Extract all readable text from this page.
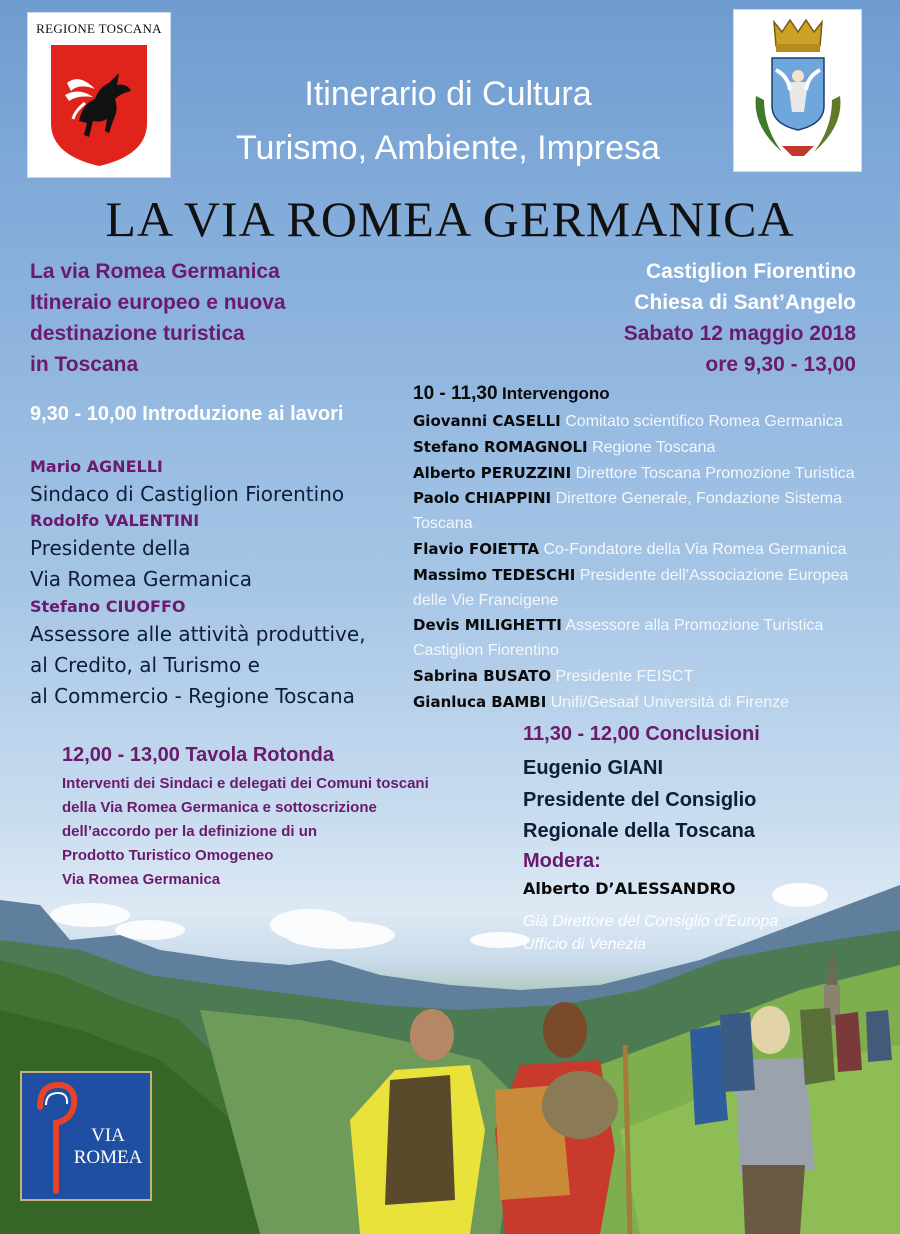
REGIONE TOSCANA
Itinerario di Cultura
Turismo, Ambiente, Impresa
LA VIA ROMEA GERMANICA
La via Romea Germanica
Itineraio europeo e nuova
destinazione turistica
in Toscana
Castiglion Fiorentino
Chiesa di Sant’Angelo
Sabato 12 maggio 2018
ore 9,30 - 13,00
9,30 - 10,00 Introduzione ai lavori
Mario AGNELLI
Sindaco di Castiglion Fiorentino
Rodolfo VALENTINI
Presidente della
Via Romea Germanica
Stefano CIUOFFO
Assessore alle attività produttive,
al Credito, al Turismo e
al Commercio - Regione Toscana
10 - 11,30 Intervengono
Giovanni CASELLI Comitato scientifico Romea Germanica
Stefano ROMAGNOLI Regione Toscana
Alberto PERUZZINI Direttore Toscana Promozione Turistica
Paolo CHIAPPINI Direttore Generale, Fondazione Sistema
Toscana
Flavio FOIETTA Co-Fondatore della Via Romea Germanica
Massimo TEDESCHI Presidente dell’Associazione Europea
delle Vie Francigene
Devis MILIGHETTI Assessore alla Promozione Turistica
Castiglion Fiorentino
Sabrina BUSATO Presidente FEISCT
Gianluca BAMBI Unifi/Gesaaf Università di Firenze
12,00 - 13,00 Tavola Rotonda
Interventi dei Sindaci e delegati dei Comuni toscani
della Via Romea Germanica e sottoscrizione
dell’accordo per la definizione di un
Prodotto Turistico Omogeneo
Via Romea Germanica
11,30 - 12,00 Conclusioni
Eugenio GIANI
Presidente del Consiglio
Regionale della Toscana
Modera:
Alberto D’ALESSANDRO
Già Direttore del Consiglio d’Europa
Ufficio di Venezia
VIA
ROMEA
